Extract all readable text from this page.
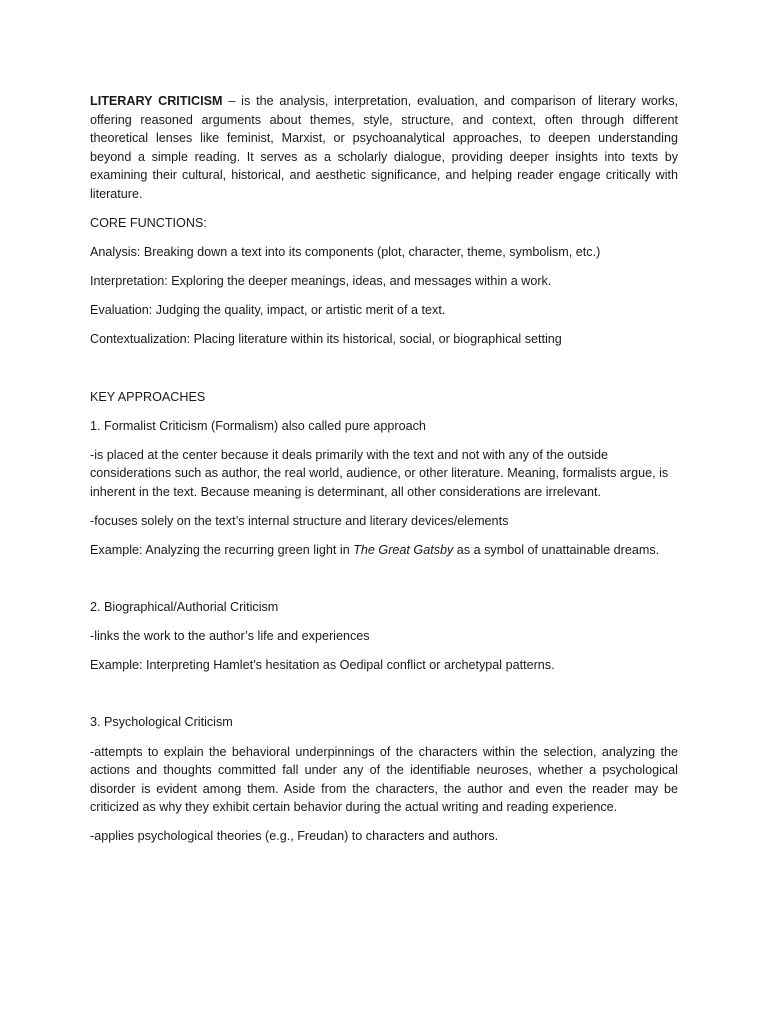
LITERARY CRITICISM – is the analysis, interpretation, evaluation, and comparison of literary works, offering reasoned arguments about themes, style, structure, and context, often through different theoretical lenses like feminist, Marxist, or psychoanalytical approaches, to deepen understanding beyond a simple reading. It serves as a scholarly dialogue, providing deeper insights into texts by examining their cultural, historical, and aesthetic significance, and helping reader engage critically with literature.

CORE FUNCTIONS:

Analysis: Breaking down a text into its components (plot, character, theme, symbolism, etc.)

Interpretation: Exploring the deeper meanings, ideas, and messages within a work.

Evaluation: Judging the quality, impact, or artistic merit of a text.

Contextualization: Placing literature within its historical, social, or biographical setting

KEY APPROACHES

1. Formalist Criticism (Formalism) also called pure approach

-is placed at the center because it deals primarily with the text and not with any of the outside considerations such as author, the real world, audience, or other literature. Meaning, formalists argue, is inherent in the text. Because meaning is determinant, all other considerations are irrelevant.

-focuses solely on the text’s internal structure and literary devices/elements

Example: Analyzing the recurring green light in The Great Gatsby as a symbol of unattainable dreams.

2. Biographical/Authorial Criticism

-links the work to the author’s life and experiences

Example: Interpreting Hamlet’s hesitation as Oedipal conflict or archetypal patterns.

3. Psychological Criticism

-attempts to explain the behavioral underpinnings of the characters within the selection, analyzing the actions and thoughts committed fall under any of the identifiable neuroses, whether a psychological disorder is evident among them. Aside from the characters, the author and even the reader may be criticized as why they exhibit certain behavior during the actual writing and reading experience.

-applies psychological theories (e.g., Freudan) to characters and authors.
